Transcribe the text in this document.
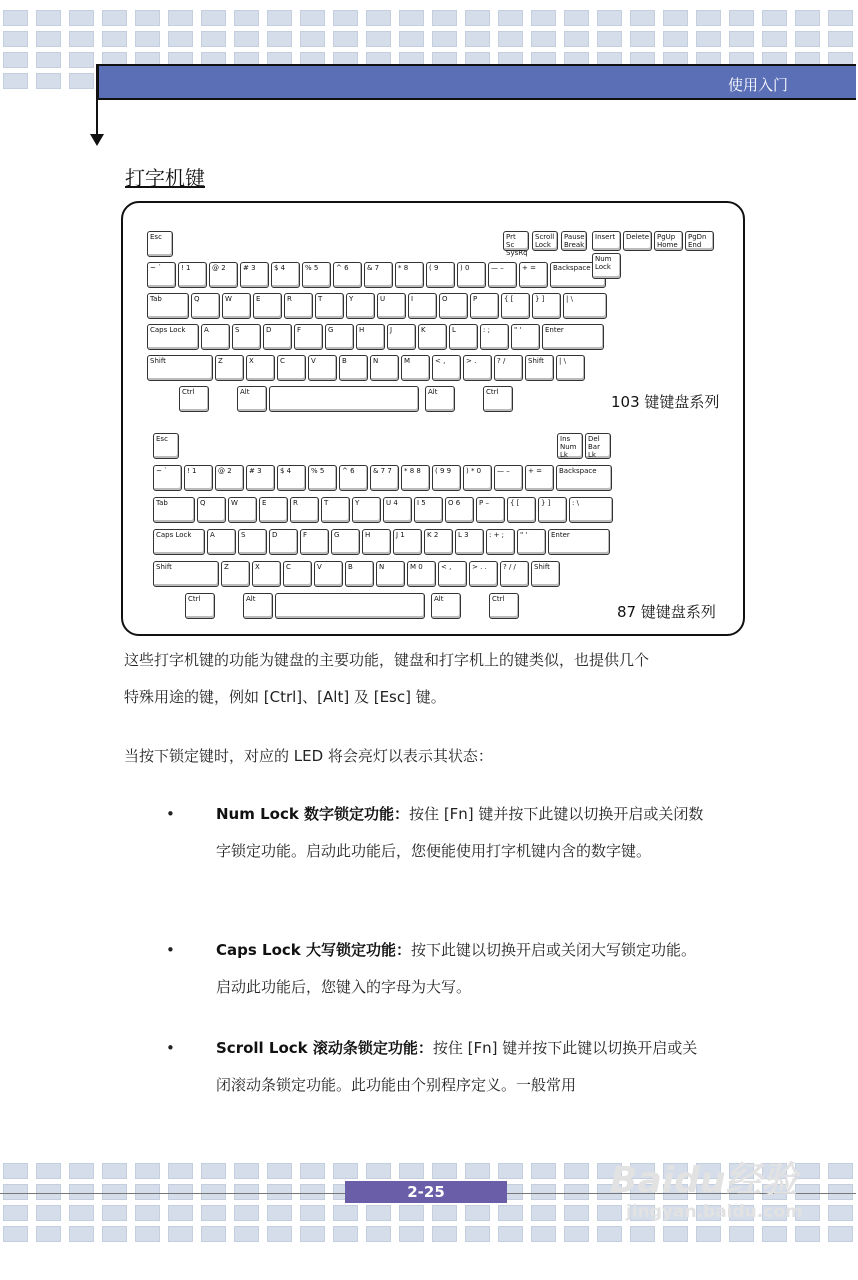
使用入门
打字机键
Esc
~ `	! 1	@ 2	# 3	$ 4	% 5	^ 6	& 7	* 8	( 9	) 0	— –	+ =	Backspace
Tab	Q	W	E	R	T	Y	U	I	O	P	{ [	} ]	| \
Caps Lock	A	S	D	F	G	H	J	K	L	: ;	" '	Enter
Shift	Z	X	C	V	B	N	M	< ,	> .	? /	Shift	| \
Ctrl	Alt	Alt	Ctrl
Prt Sc SysRq
Scroll Lock
Pause Break
Insert	Delete	PgUp Home
PgDn End
Num Lock
103 键键盘系列
Esc	Ins Num Lk
Del Bar Lk
~ `	! 1	@ 2	# 3	$ 4	% 5	^ 6	& 7 7	* 8 8	( 9 9	) * 0	— –	+ =	Backspace
Tab	Q	W	E	R	T	Y	U 4	I 5	O 6	P –	{ [	} ]	: \
Caps Lock	A	S	D	F	G	H	J 1	K 2	L 3	: + ;	" '	Enter
Shift	Z	X	C	V	B	N	M 0	< ,	> . .	? / /	Shift
Ctrl	Alt	Alt	Ctrl
87 键键盘系列
这些打字机键的功能为键盘的主要功能，键盘和打字机上的键类似，也提供几个
特殊用途的键，例如 [Ctrl]、[Alt] 及 [Esc] 键。
当按下锁定键时，对应的 LED 将会亮灯以表示其状态：
•	Num Lock 数字锁定功能：按住 [Fn] 键并按下此键以切换开启或关闭数字锁定功能。启动此功能后，您便能使用打字机键内含的数字键。
•	Caps Lock 大写锁定功能：按下此键以切换开启或关闭大写锁定功能。启动此功能后，您键入的字母为大写。
•	Scroll Lock 滚动条锁定功能：按住 [Fn] 键并按下此键以切换开启或关闭滚动条锁定功能。此功能由个别程序定义。一般常用
2-25	Baidu经验
jingyan.baidu.com
